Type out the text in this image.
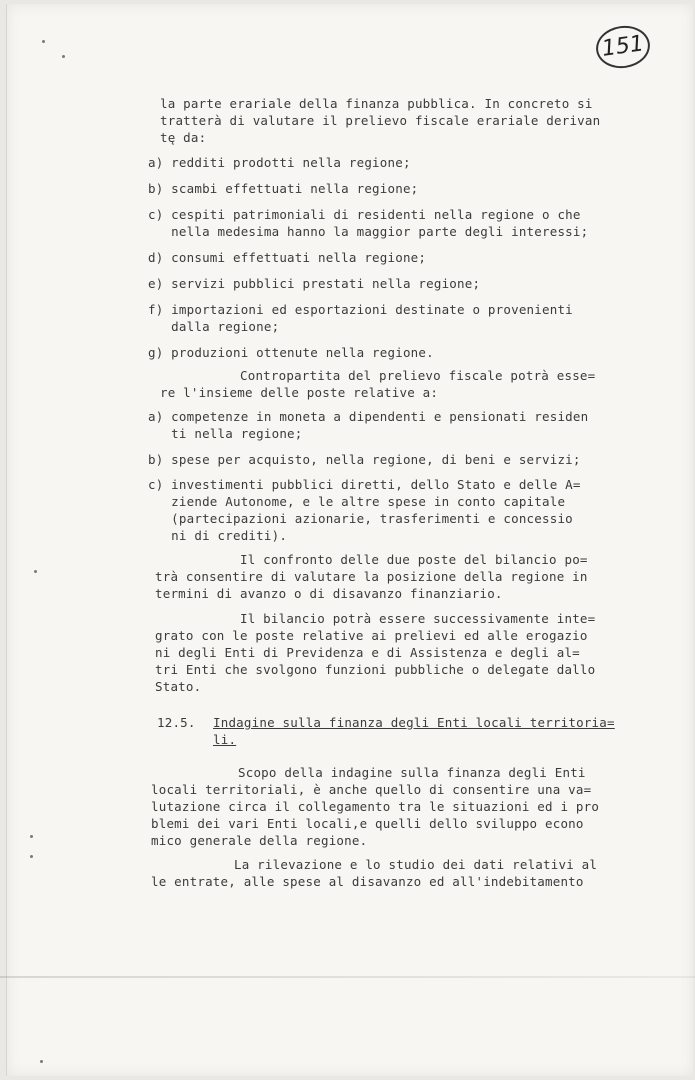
151
la parte erariale della finanza pubblica. In concreto si
tratterà di valutare il prelievo fiscale erariale derivan
tę da:
a) redditi prodotti nella regione;
b) scambi effettuati nella regione;
c) cespiti patrimoniali di residenti nella regione o che
nella medesima hanno la maggior parte degli interessi;
d) consumi effettuati nella regione;
e) servizi pubblici prestati nella regione;
f) importazioni ed esportazioni destinate o provenienti
dalla regione;
g) produzioni ottenute nella regione.
Contropartita del prelievo fiscale potrà esse=
re l'insieme delle poste relative a:
a) competenze in moneta a dipendenti e pensionati residen
ti nella regione;
b) spese per acquisto, nella regione, di beni e servizi;
c) investimenti pubblici diretti, dello Stato e delle A=
ziende Autonome, e le altre spese in conto capitale
(partecipazioni azionarie, trasferimenti e concessio
ni di crediti).
Il confronto delle due poste del bilancio po=
trà consentire di valutare la posizione della regione in
termini di avanzo o di disavanzo finanziario.
Il bilancio potrà essere successivamente inte=
grato con le poste relative ai prelievi ed alle erogazio
ni degli Enti di Previdenza e di Assistenza e degli al=
tri Enti che svolgono funzioni pubbliche o delegate dallo
Stato.
12.5. Indagine sulla finanza degli Enti locali territoria=
li.
Scopo della indagine sulla finanza degli Enti
locali territoriali, è anche quello di consentire una va=
lutazione circa il collegamento tra le situazioni ed i pro
blemi dei vari Enti locali,e quelli dello sviluppo econo
mico generale della regione.
La rilevazione e lo studio dei dati relativi al
le entrate, alle spese al disavanzo ed all'indebitamento
